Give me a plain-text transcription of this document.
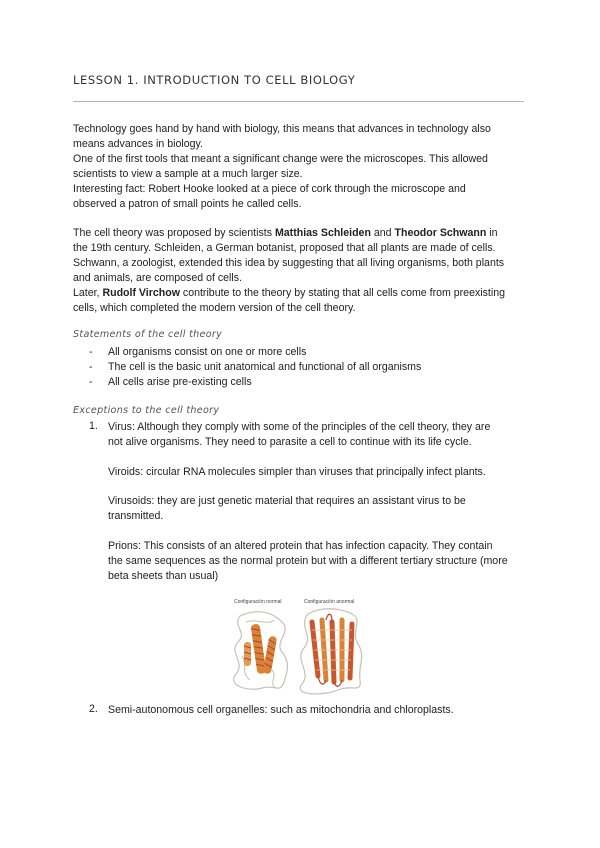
LESSON 1. INTRODUCTION TO CELL BIOLOGY
Technology goes hand by hand with biology, this means that advances in technology also
means advances in biology.
One of the first tools that meant a significant change were the microscopes. This allowed
scientists to view a sample at a much larger size.
Interesting fact: Robert Hooke looked at a piece of cork through the microscope and
observed a patron of small points he called cells.
The cell theory was proposed by scientists Matthias Schleiden and Theodor Schwann in
the 19th century. Schleiden, a German botanist, proposed that all plants are made of cells.
Schwann, a zoologist, extended this idea by suggesting that all living organisms, both plants
and animals, are composed of cells.
Later, Rudolf Virchow contribute to the theory by stating that all cells come from preexisting
cells, which completed the modern version of the cell theory.
Statements of the cell theory
- All organisms consist on one or more cells
- The cell is the basic unit anatomical and functional of all organisms
- All cells arise pre-existing cells
Exceptions to the cell theory
1. Virus: Although they comply with some of the principles of the cell theory, they are
not alive organisms. They need to parasite a cell to continue with its life cycle.
Viroids: circular RNA molecules simpler than viruses that principally infect plants.
Virusoids: they are just genetic material that requires an assistant virus to be
transmitted.
Prions: This consists of an altered protein that has infection capacity. They contain
the same sequences as the normal protein but with a different tertiary structure (more
beta sheets than usual)
Configuración normal	Configuración anormal
2. Semi-autonomous cell organelles: such as mitochondria and chloroplasts.
